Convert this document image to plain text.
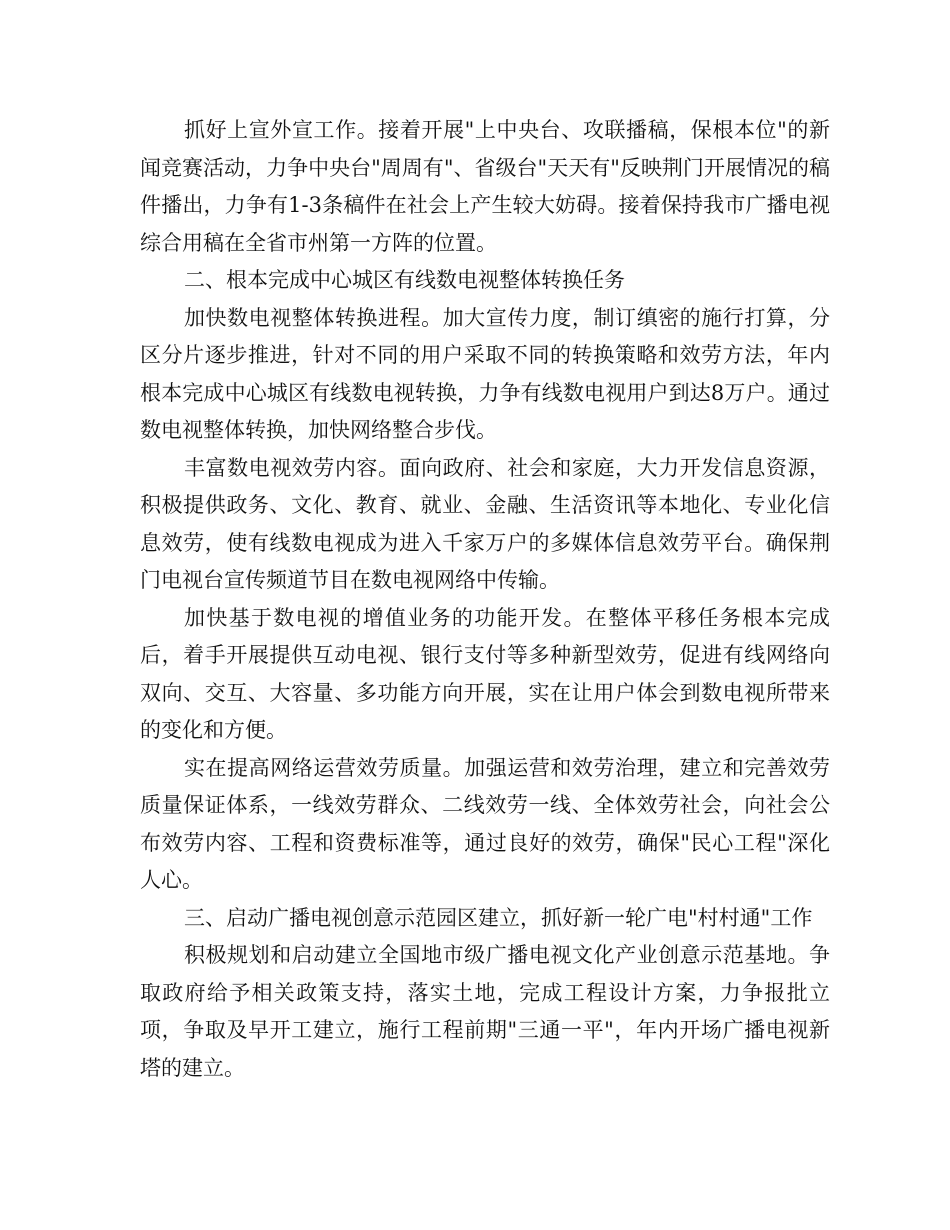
抓好上宣外宣工作。接着开展"上中央台、攻联播稿，保根本位"的新闻竞赛活动，力争中央台"周周有"、省级台"天天有"反映荆门开展情况的稿件播出，力争有1-3条稿件在社会上产生较大妨碍。接着保持我市广播电视综合用稿在全省市州第一方阵的位置。

二、根本完成中心城区有线数电视整体转换任务

加快数电视整体转换进程。加大宣传力度，制订缜密的施行打算，分区分片逐步推进，针对不同的用户采取不同的转换策略和效劳方法，年内根本完成中心城区有线数电视转换，力争有线数电视用户到达8万户。通过数电视整体转换，加快网络整合步伐。

丰富数电视效劳内容。面向政府、社会和家庭，大力开发信息资源，积极提供政务、文化、教育、就业、金融、生活资讯等本地化、专业化信息效劳，使有线数电视成为进入千家万户的多媒体信息效劳平台。确保荆门电视台宣传频道节目在数电视网络中传输。

加快基于数电视的增值业务的功能开发。在整体平移任务根本完成后，着手开展提供互动电视、银行支付等多种新型效劳，促进有线网络向双向、交互、大容量、多功能方向开展，实在让用户体会到数电视所带来的变化和方便。

实在提高网络运营效劳质量。加强运营和效劳治理，建立和完善效劳质量保证体系，一线效劳群众、二线效劳一线、全体效劳社会，向社会公布效劳内容、工程和资费标准等，通过良好的效劳，确保"民心工程"深化人心。

三、启动广播电视创意示范园区建立，抓好新一轮广电"村村通"工作

积极规划和启动建立全国地市级广播电视文化产业创意示范基地。争取政府给予相关政策支持，落实土地，完成工程设计方案，力争报批立项，争取及早开工建立，施行工程前期"三通一平"，年内开场广播电视新塔的建立。
